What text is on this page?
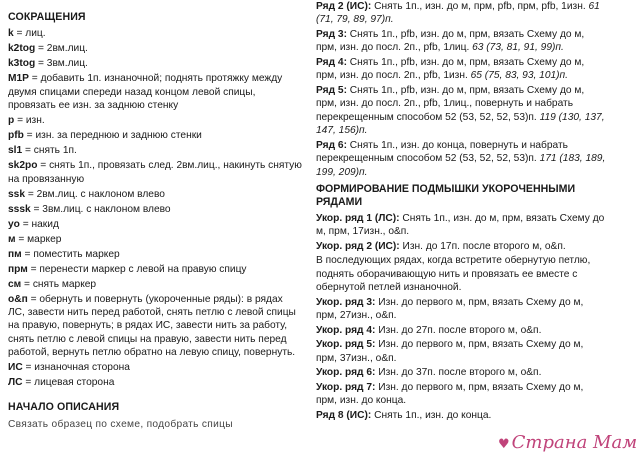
СОКРАЩЕНИЯ
k = лиц.
k2tog = 2вм.лиц.
k3tog = 3вм.лиц.
M1P = добавить 1п. изнаночной; поднять протяжку между двумя спицами спереди назад концом левой спицы, провязать ее изн. за заднюю стенку
p = изн.
pfb = изн. за переднюю и заднюю стенки
sl1 = снять 1п.
sk2po = снять 1п., провязать след. 2вм.лиц., накинуть снятую на провязанную
ssk = 2вм.лиц. с наклоном влево
sssk = 3вм.лиц. с наклоном влево
yo = накид
м = маркер
пм = поместить маркер
прм = перенести маркер с левой на правую спицу
см = снять маркер
o&п = обернуть и повернуть (укороченные ряды): в рядах ЛС, завести нить перед работой, снять петлю с левой спицы на правую, повернуть; в рядах ИС, завести нить за работу, снять петлю с левой спицы на правую, завести нить перед работой, вернуть петлю обратно на левую спицу, повернуть.
ИС = изнаночная сторона
ЛС = лицевая сторона
НАЧАЛО ОПИСАНИЯ
Связать образец по схеме, подобрать спицы
Ряд 2 (ИС): Снять 1п., изн. до м, прм, pfb, прм, pfb, 1изн. 61 (71, 79, 89, 97)п.
Ряд 3: Снять 1п., pfb, изн. до м, прм, вязать Схему до м, прм, изн. до посл. 2п., pfb, 1лиц. 63 (73, 81, 91, 99)п.
Ряд 4: Снять 1п., pfb, изн. до м, прм, вязать Схему до м, прм, изн. до посл. 2п., pfb, 1изн. 65 (75, 83, 93, 101)п.
Ряд 5: Снять 1п., pfb, изн. до м, прм, вязать Схему до м, прм, изн. до посл. 2п., pfb, 1лиц., повернуть и набрать перекрещенным способом 52 (53, 52, 52, 53)п. 119 (130, 137, 147, 156)п.
Ряд 6: Снять 1п., изн. до конца, повернуть и набрать перекрещенным способом 52 (53, 52, 52, 53)п. 171 (183, 189, 199, 209)п.
ФОРМИРОВАНИЕ ПОДМЫШКИ УКОРОЧЕННЫМИ РЯДАМИ
Укор. ряд 1 (ЛС): Снять 1п., изн. до м, прм, вязать Схему до м, прм, 17изн., o&п.
Укор. ряд 2 (ИС): Изн. до 17п. после второго м, o&п.
В последующих рядах, когда встретите обернутую петлю, поднять оборачивающую нить и провязать ее вместе с обернутой петлей изнаночной.
Укор. ряд 3: Изн. до первого м, прм, вязать Схему до м, прм, 27изн., o&п.
Укор. ряд 4: Изн. до 27п. после второго м, o&п.
Укор. ряд 5: Изн. до первого м, прм, вязать Схему до м, прм, 37изн., o&п.
Укор. ряд 6: Изн. до 37п. после второго м, o&п.
Укор. ряд 7: Изн. до первого м, прм, вязать Схему до м, прм, изн. до конца.
Ряд 8 (ИС): Снять 1п., изн. до конца.
♥ Страна Мам
